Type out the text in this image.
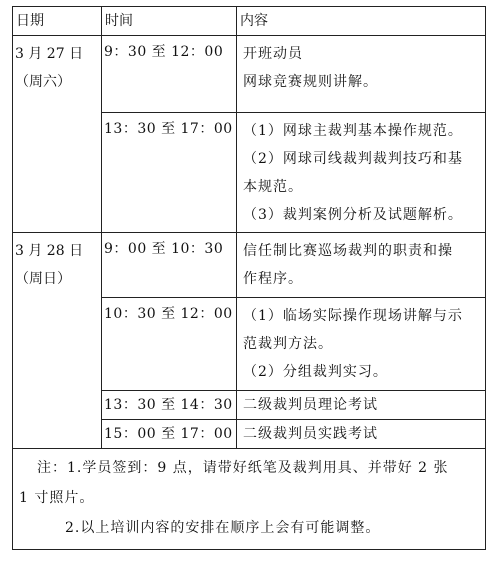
日期	时间	内容

3 月 27 日
（周六）	9：30 至 12：00	开班动员
网球竞赛规则讲解。

	13：30 至 17：00	（1）网球主裁判基本操作规范。
（2）网球司线裁判裁判技巧和基
本规范。
（3）裁判案例分析及试题解析。

3 月 28 日
（周日）	9：00 至 10：30	信任制比赛巡场裁判的职责和操
作程序。

	10：30 至 12：00	（1）临场实际操作现场讲解与示
范裁判方法。
（2）分组裁判实习。

	13：30 至 14：30	二级裁判员理论考试
	15：00 至 17：00	二级裁判员实践考试

注：1.学员签到：9 点，请带好纸笔及裁判用具、并带好 2 张
1 寸照片。
2.以上培训内容的安排在顺序上会有可能调整。		
